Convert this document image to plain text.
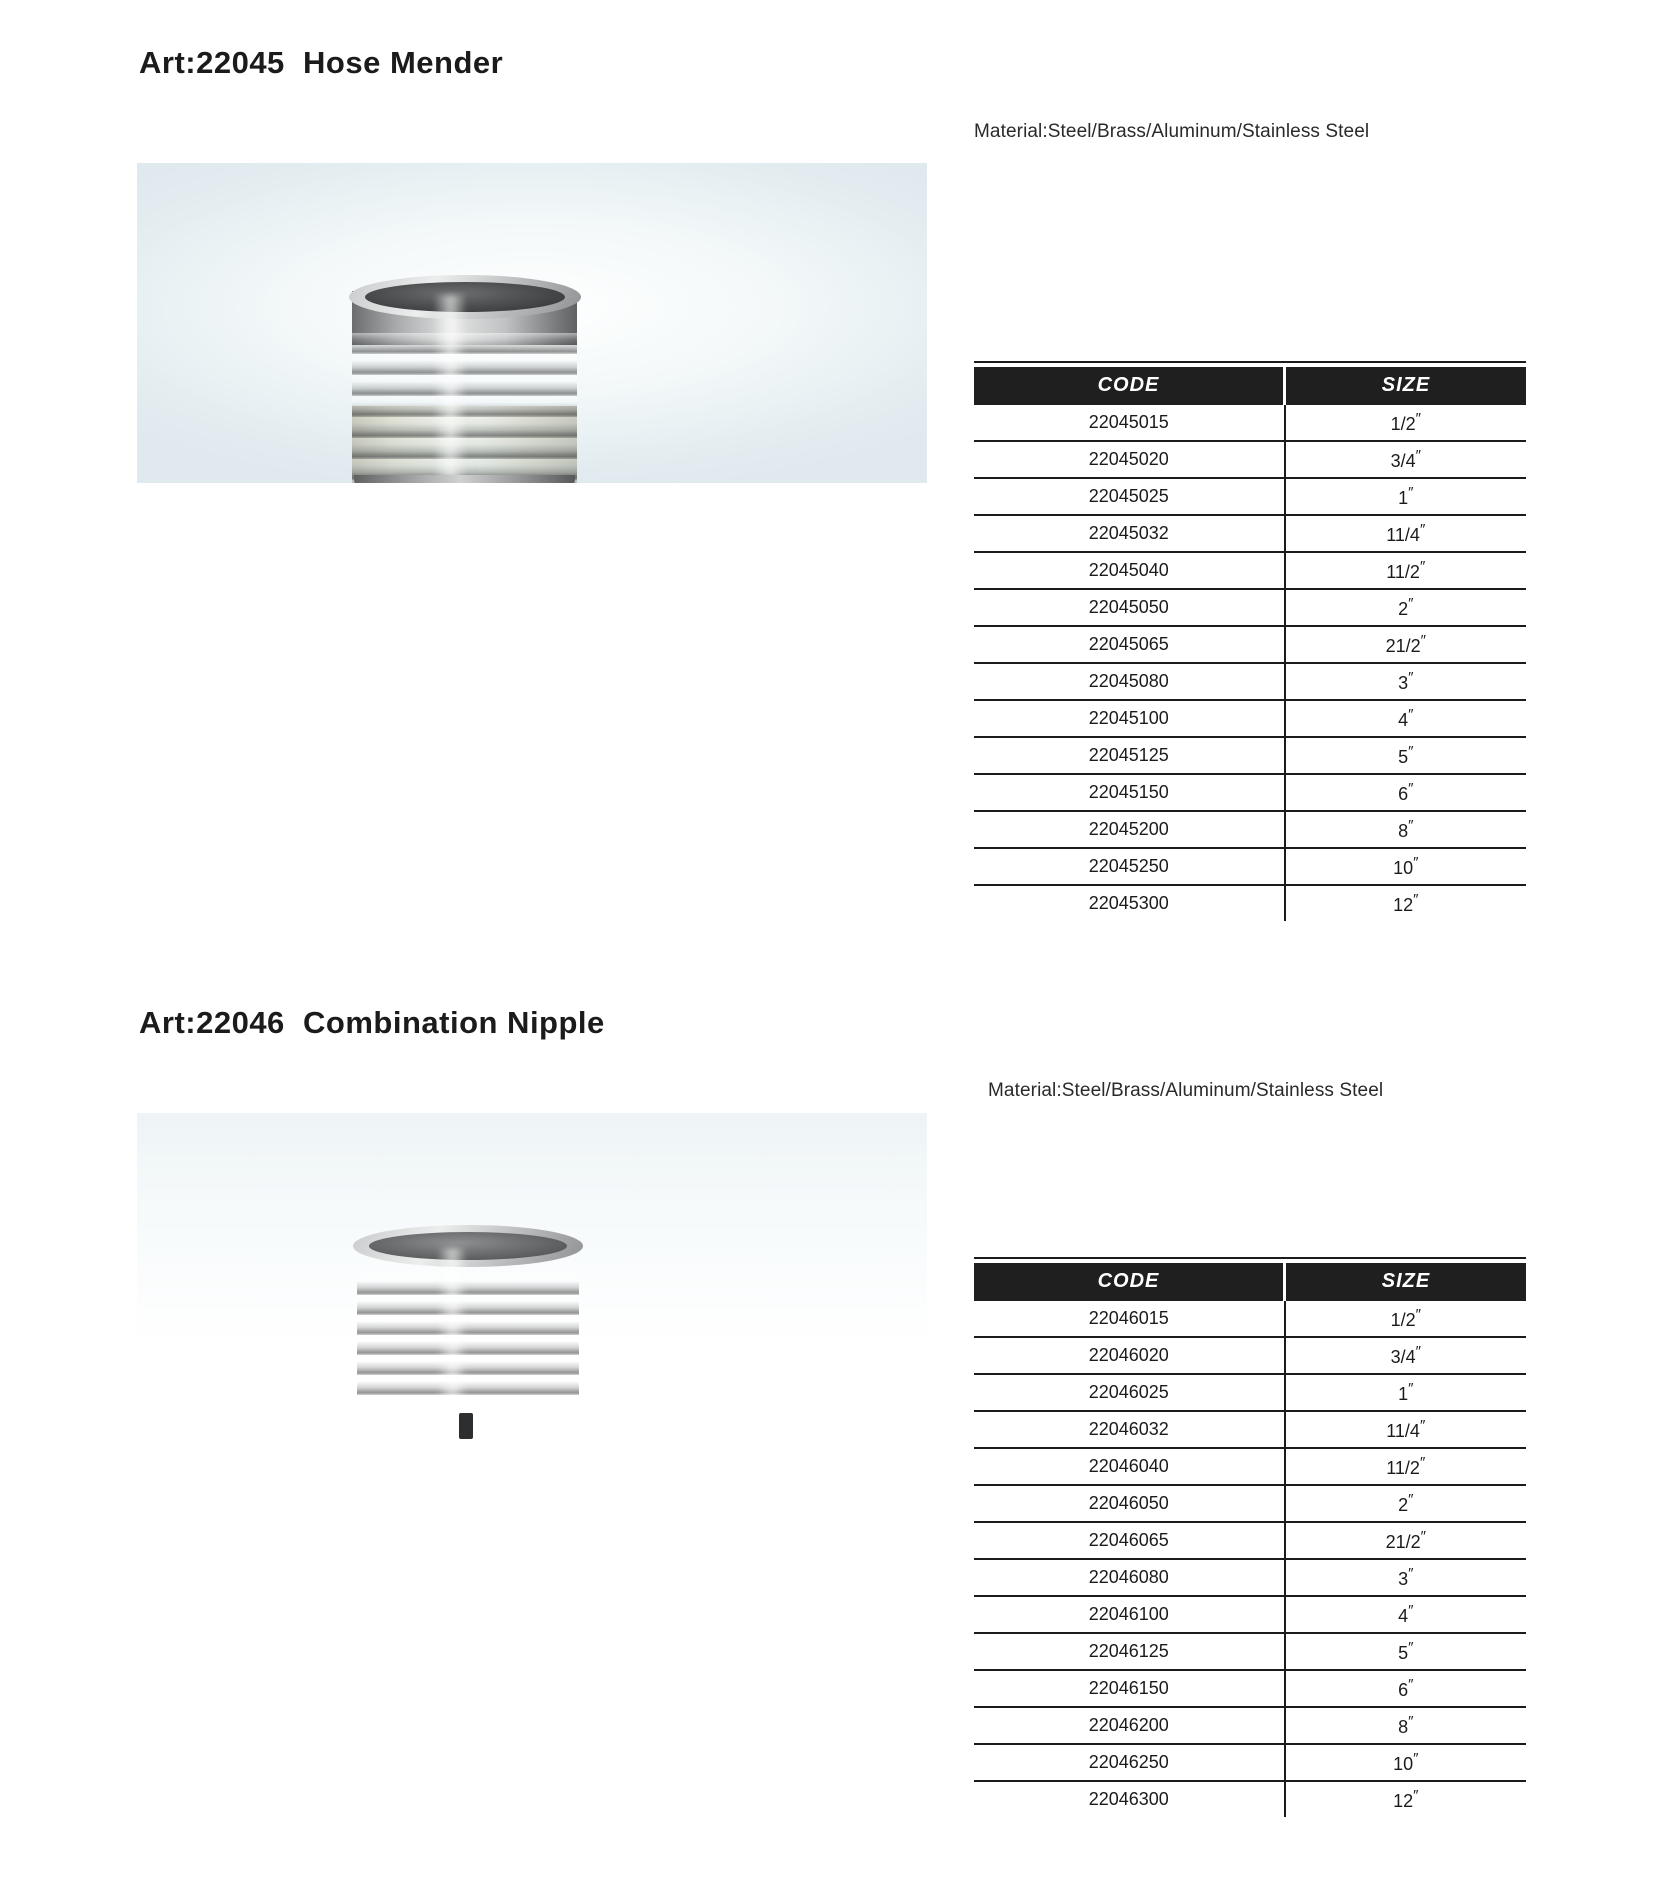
Art:22045  Hose Mender
Material:Steel/Brass/Aluminum/Stainless Steel
CODE	SIZE
22045015	1/2″
22045020	3/4″
22045025	1″
22045032	11/4″
22045040	11/2″
22045050	2″
22045065	21/2″
22045080	3″
22045100	4″
22045125	5″
22045150	6″
22045200	8″
22045250	10″
22045300	12″
Art:22046  Combination Nipple
Material:Steel/Brass/Aluminum/Stainless Steel
CODE	SIZE
22046015	1/2″
22046020	3/4″
22046025	1″
22046032	11/4″
22046040	11/2″
22046050	2″
22046065	21/2″
22046080	3″
22046100	4″
22046125	5″
22046150	6″
22046200	8″
22046250	10″
22046300	12″
